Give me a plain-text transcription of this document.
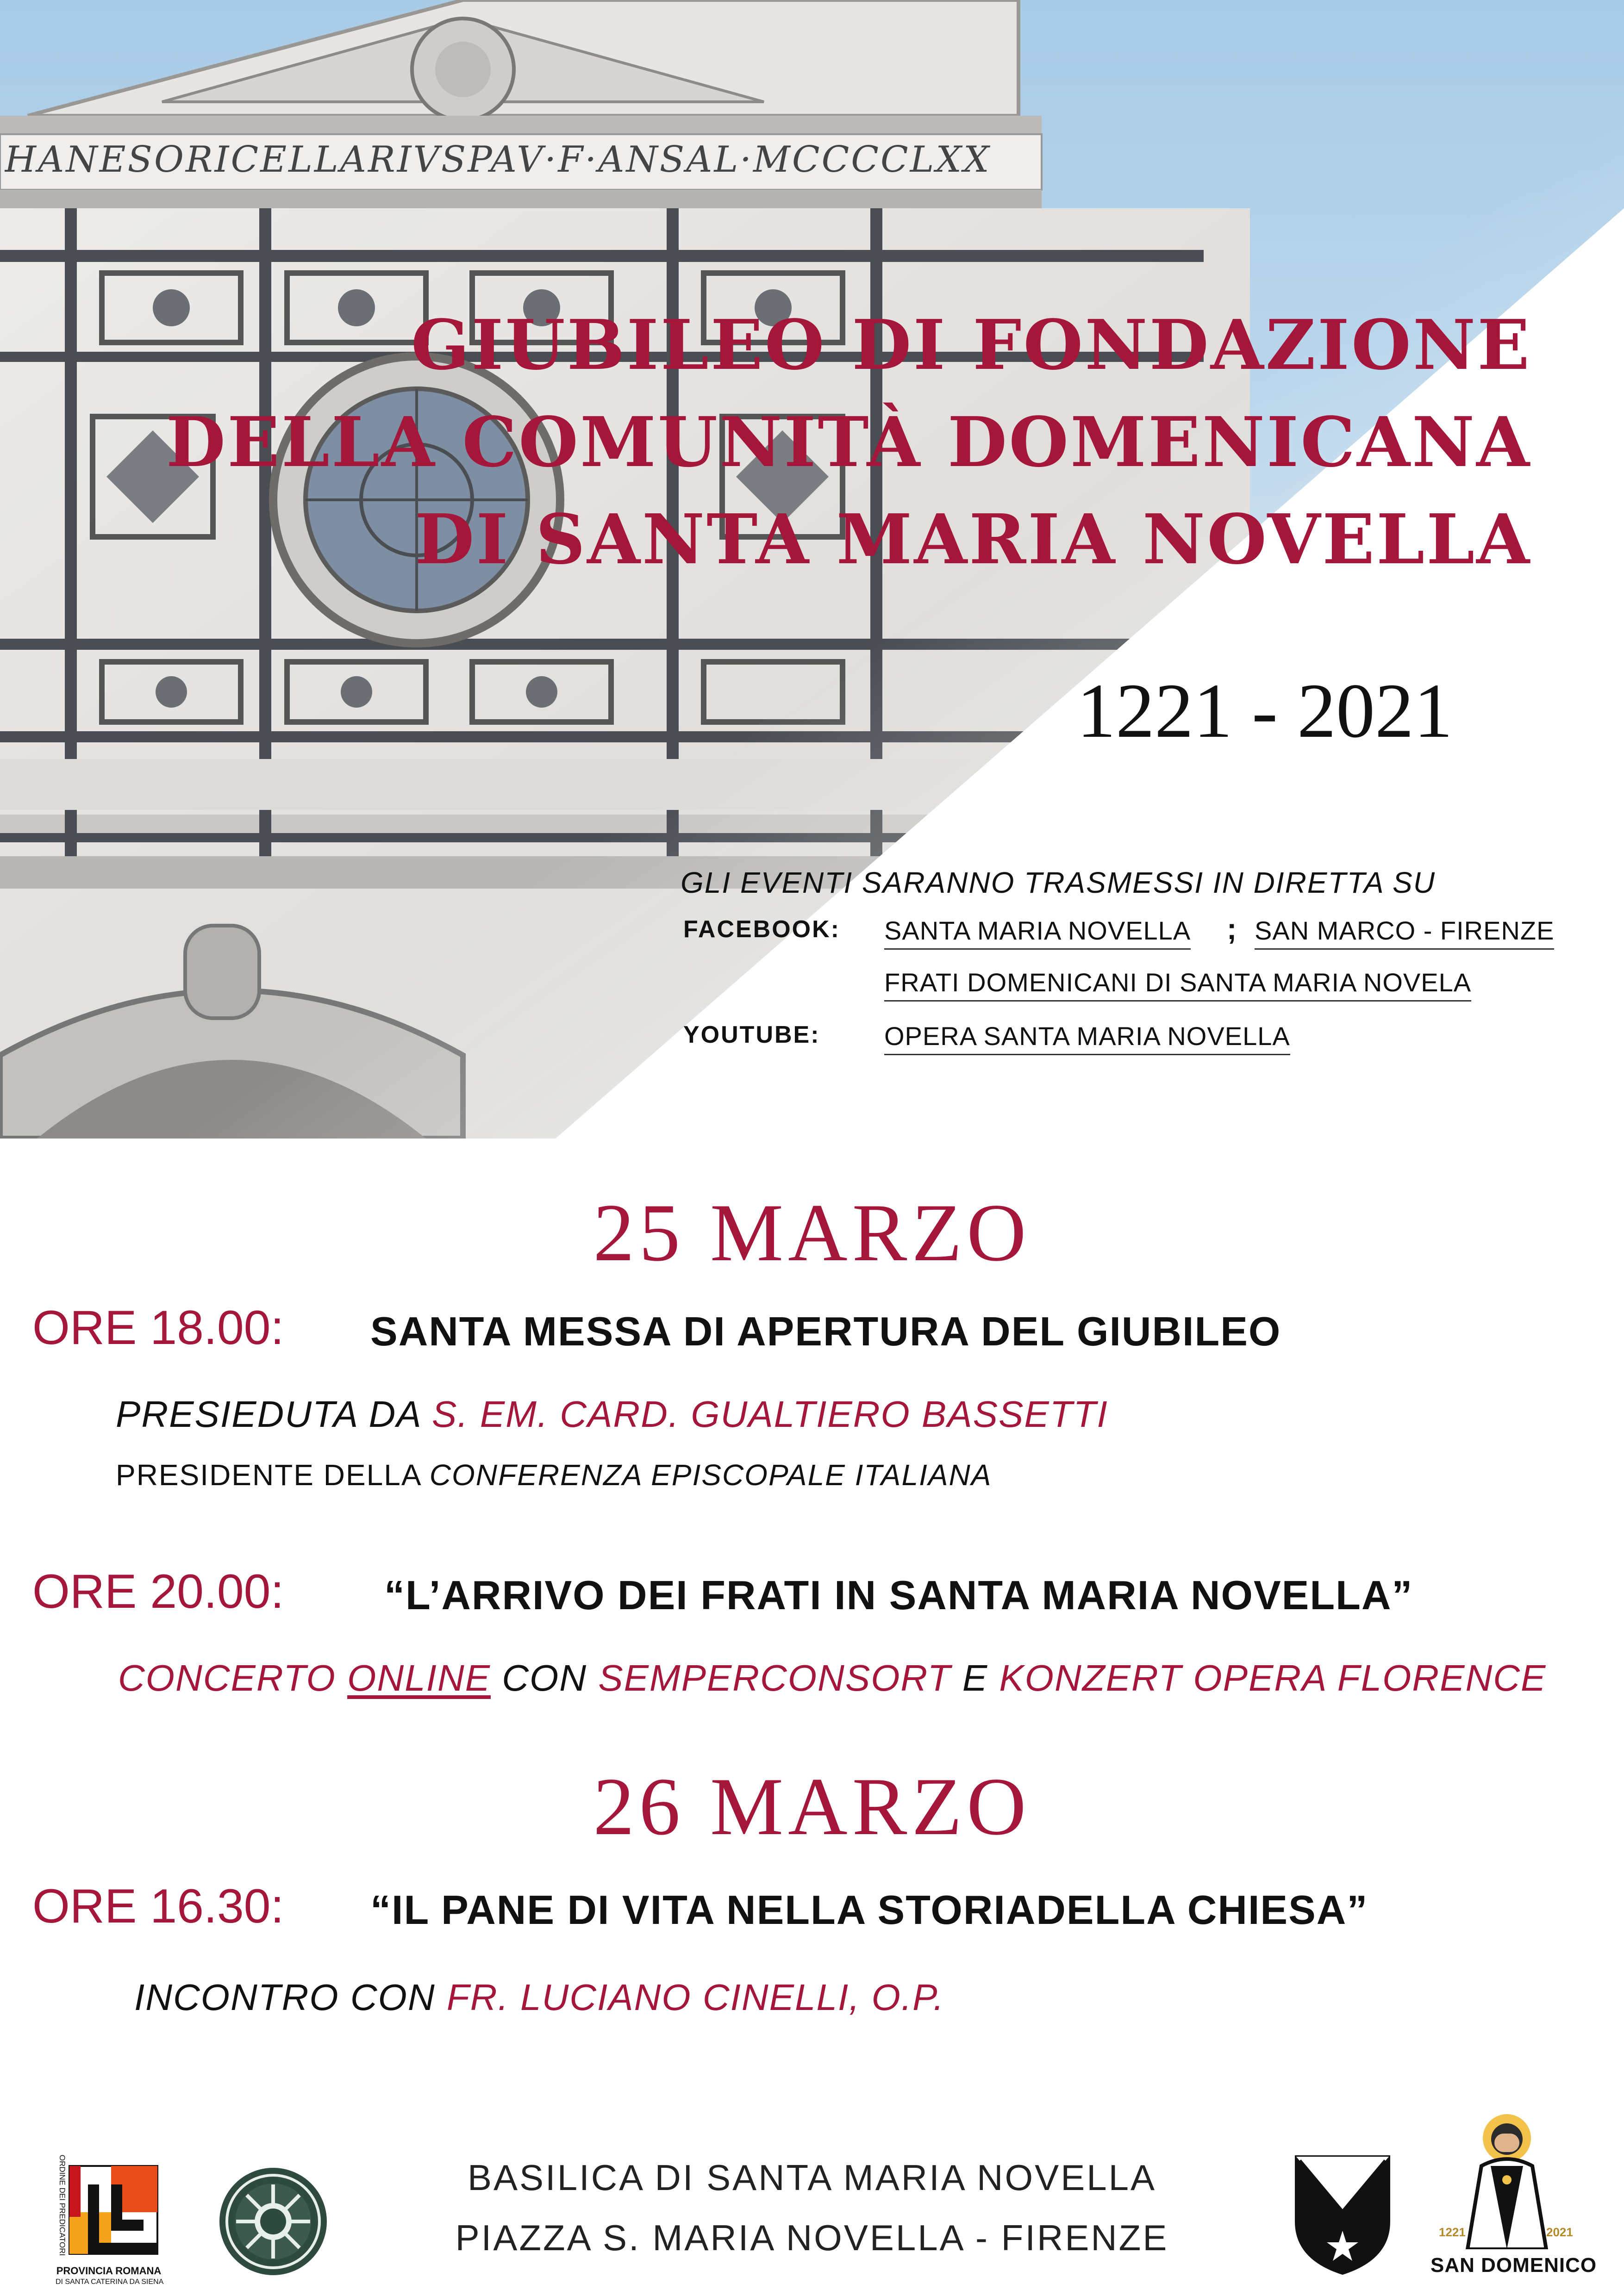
HANESORICELLARIVSPAV·F·ANSAL·MCCCCLXX
GIUBILEO DI FONDAZIONE
DELLA COMUNITÀ DOMENICANA
DI SANTA MARIA NOVELLA
1221 - 2021
GLI EVENTI SARANNO TRASMESSI IN DIRETTA SU
FACEBOOK: SANTA MARIA NOVELLA ; SAN MARCO - FIRENZE
FRATI DOMENICANI DI SANTA MARIA NOVELA
YOUTUBE: OPERA SANTA MARIA NOVELLA
25 MARZO
ORE 18.00: SANTA MESSA DI APERTURA DEL GIUBILEO
PRESIEDUTA DA S. EM. CARD. GUALTIERO BASSETTI
PRESIDENTE DELLA CONFERENZA EPISCOPALE ITALIANA
ORE 20.00: “L’ARRIVO DEI FRATI IN SANTA MARIA NOVELLA”
CONCERTO ONLINE CON SEMPERCONSORT E KONZERT OPERA FLORENCE
26 MARZO
ORE 16.30: “IL PANE DI VITA NELLA STORIADELLA CHIESA”
INCONTRO CON FR. LUCIANO CINELLI, O.P.
ORDINE DEI PREDICATORI
PROVINCIA ROMANA
DI SANTA CATERINA DA SIENA
BASILICA DI SANTA MARIA NOVELLA
PIAZZA S. MARIA NOVELLA - FIRENZE	1221	2021
SAN DOMENICO
